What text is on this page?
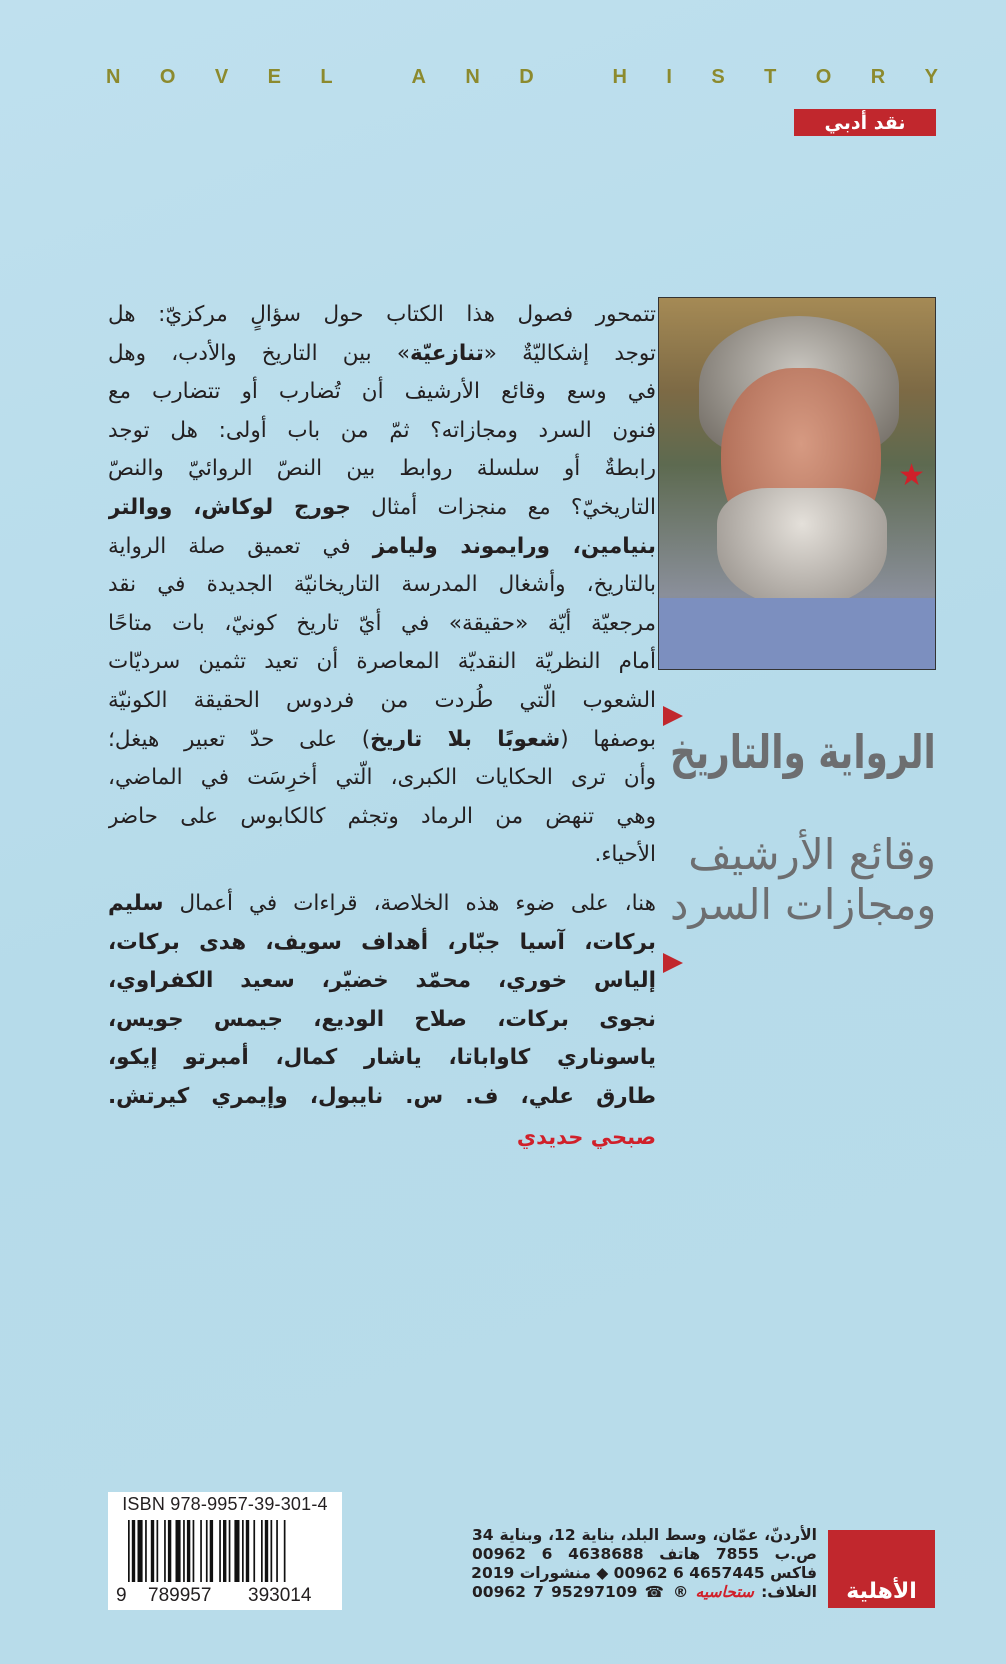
N O V E L	A N D	H I S T O R Y
نقد أدبي
★
تتمحور فصول هذا الكتاب حول سؤالٍ مركزيّ: هل
توجد إشكاليّةٌ «تنازعيّة» بين التاريخ والأدب، وهل
في وسع وقائع الأرشيف أن تُضارب أو تتضارب مع
فنون السرد ومجازاته؟ ثمّ من باب أولى: هل توجد
رابطةٌ أو سلسلة روابط بين النصّ الروائيّ والنصّ
التاريخيّ؟ مع منجزات أمثال جورج لوكاش، ووالتر
بنيامين، ورايموند وليامز في تعميق صلة الرواية
بالتاريخ، وأشغال المدرسة التاريخانيّة الجديدة في نقد
مرجعيّة أيّة «حقيقة» في أيّ تاريخ كونيّ، بات متاحًا
أمام النظريّة النقديّة المعاصرة أن تعيد تثمين سرديّات
الشعوب الّتي طُردت من فردوس الحقيقة الكونيّة
بوصفها (شعوبًا بلا تاريخ) على حدّ تعبير هيغل؛
وأن ترى الحكايات الكبرى، الّتي أخرِسَت في الماضي،
وهي تنهض من الرماد وتجثم كالكابوس على حاضر
الأحياء.
هنا، على ضوء هذه الخلاصة، قراءات في أعمال سليم
بركات، آسيا جبّار، أهداف سويف، هدى بركات،
إلياس خوري، محمّد خضيّر، سعيد الكفراوي،
نجوى بركات، صلاح الوديع، جيمس جويس،
ياسوناري كاواباتا، ياشار كمال، أمبرتو إيكو،
طارق علي، ف. س. نايبول، وإيمري كيرتش.
صبحي حديدي
الرواية والتاريخ
وقائع الأرشيف
ومجازات السرد
ISBN 978-9957-39-301-4
9 789957 393014
الأردنّ، عمّان، وسط البلد، بناية 12، وبناية 34
ص.ب 7855 هاتف 4638688 6 00962
فاكس 4657445 6 00962 ◆ منشورات 2019
الغلاف: ستحاسيه ® ☎ 95297109 7 00962	الأهلية
